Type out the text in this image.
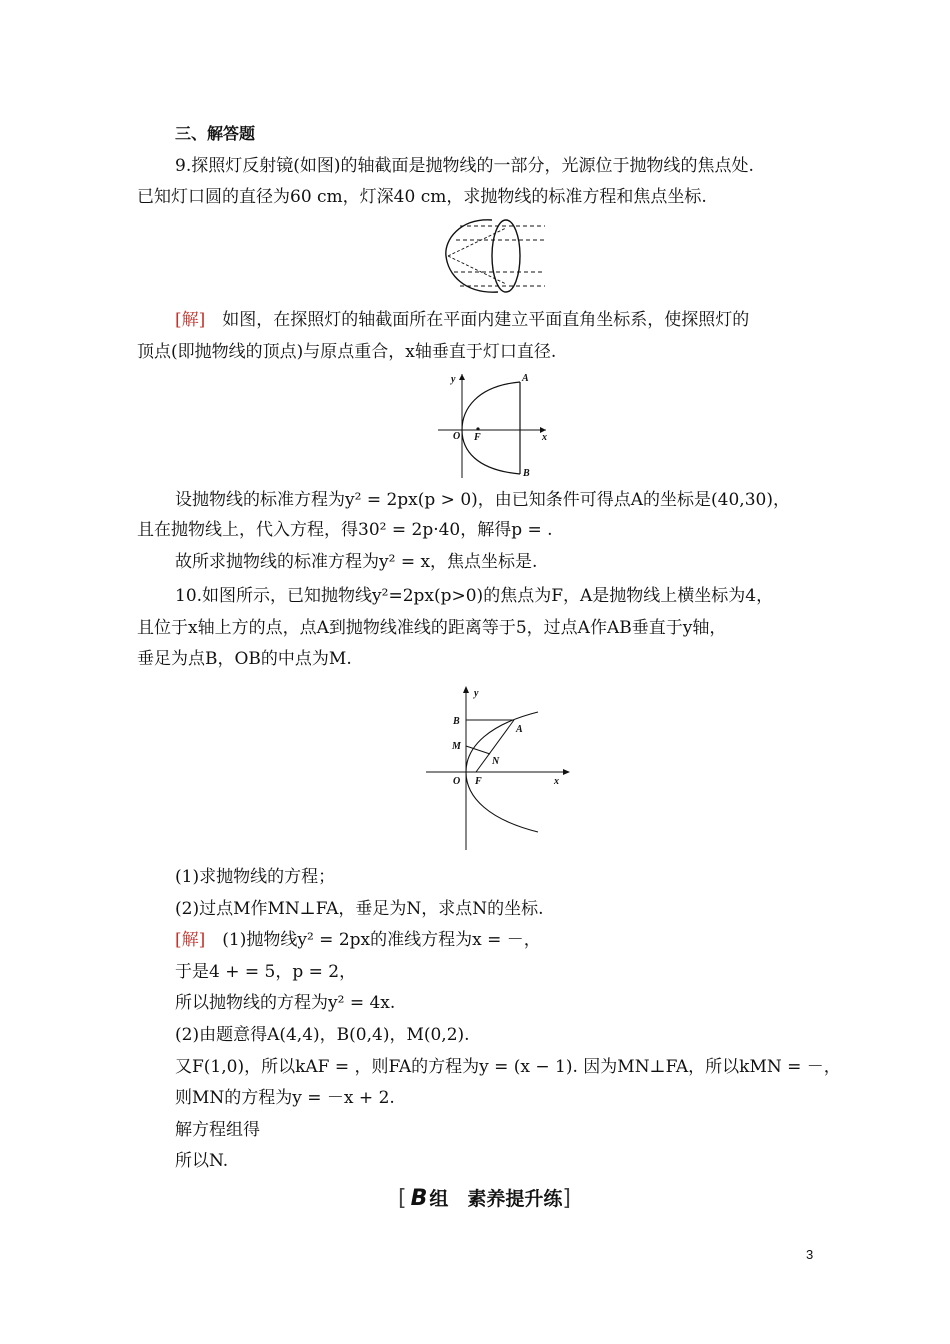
三、解答题
9.探照灯反射镜(如图)的轴截面是抛物线的一部分，光源位于抛物线的焦点处.
已知灯口圆的直径为60 cm，灯深40 cm，求抛物线的标准方程和焦点坐标.
[解]　如图，在探照灯的轴截面所在平面内建立平面直角坐标系，使探照灯的
顶点(即抛物线的顶点)与原点重合，x轴垂直于灯口直径.
y	A
O F	x
B
设抛物线的标准方程为y² = 2px(p > 0)，由已知条件可得点A的坐标是(40,30)，
且在抛物线上，代入方程，得30² = 2p·40，解得p = .
故所求抛物线的标准方程为y² = x，焦点坐标是.
10.如图所示，已知抛物线y²=2px(p>0)的焦点为F，A是抛物线上横坐标为4，
且位于x轴上方的点，点A到抛物线准线的距离等于5，过点A作AB垂直于y轴，
垂足为点B，OB的中点为M.
y
B
A
M
N
O F	x
(1)求抛物线的方程；
(2)过点M作MN⊥FA，垂足为N，求点N的坐标.
[解]　(1)抛物线y² = 2px的准线方程为x = －，
于是4 + = 5，p = 2，
所以抛物线的方程为y² = 4x.
(2)由题意得A(4,4)，B(0,4)，M(0,2).
又F(1,0)，所以kAF = ，则FA的方程为y = (x − 1). 因为MN⊥FA，所以kMN = －，
则MN的方程为y = －x + 2.
解方程组得
所以N.
[ B 组　素养提升练]
3
